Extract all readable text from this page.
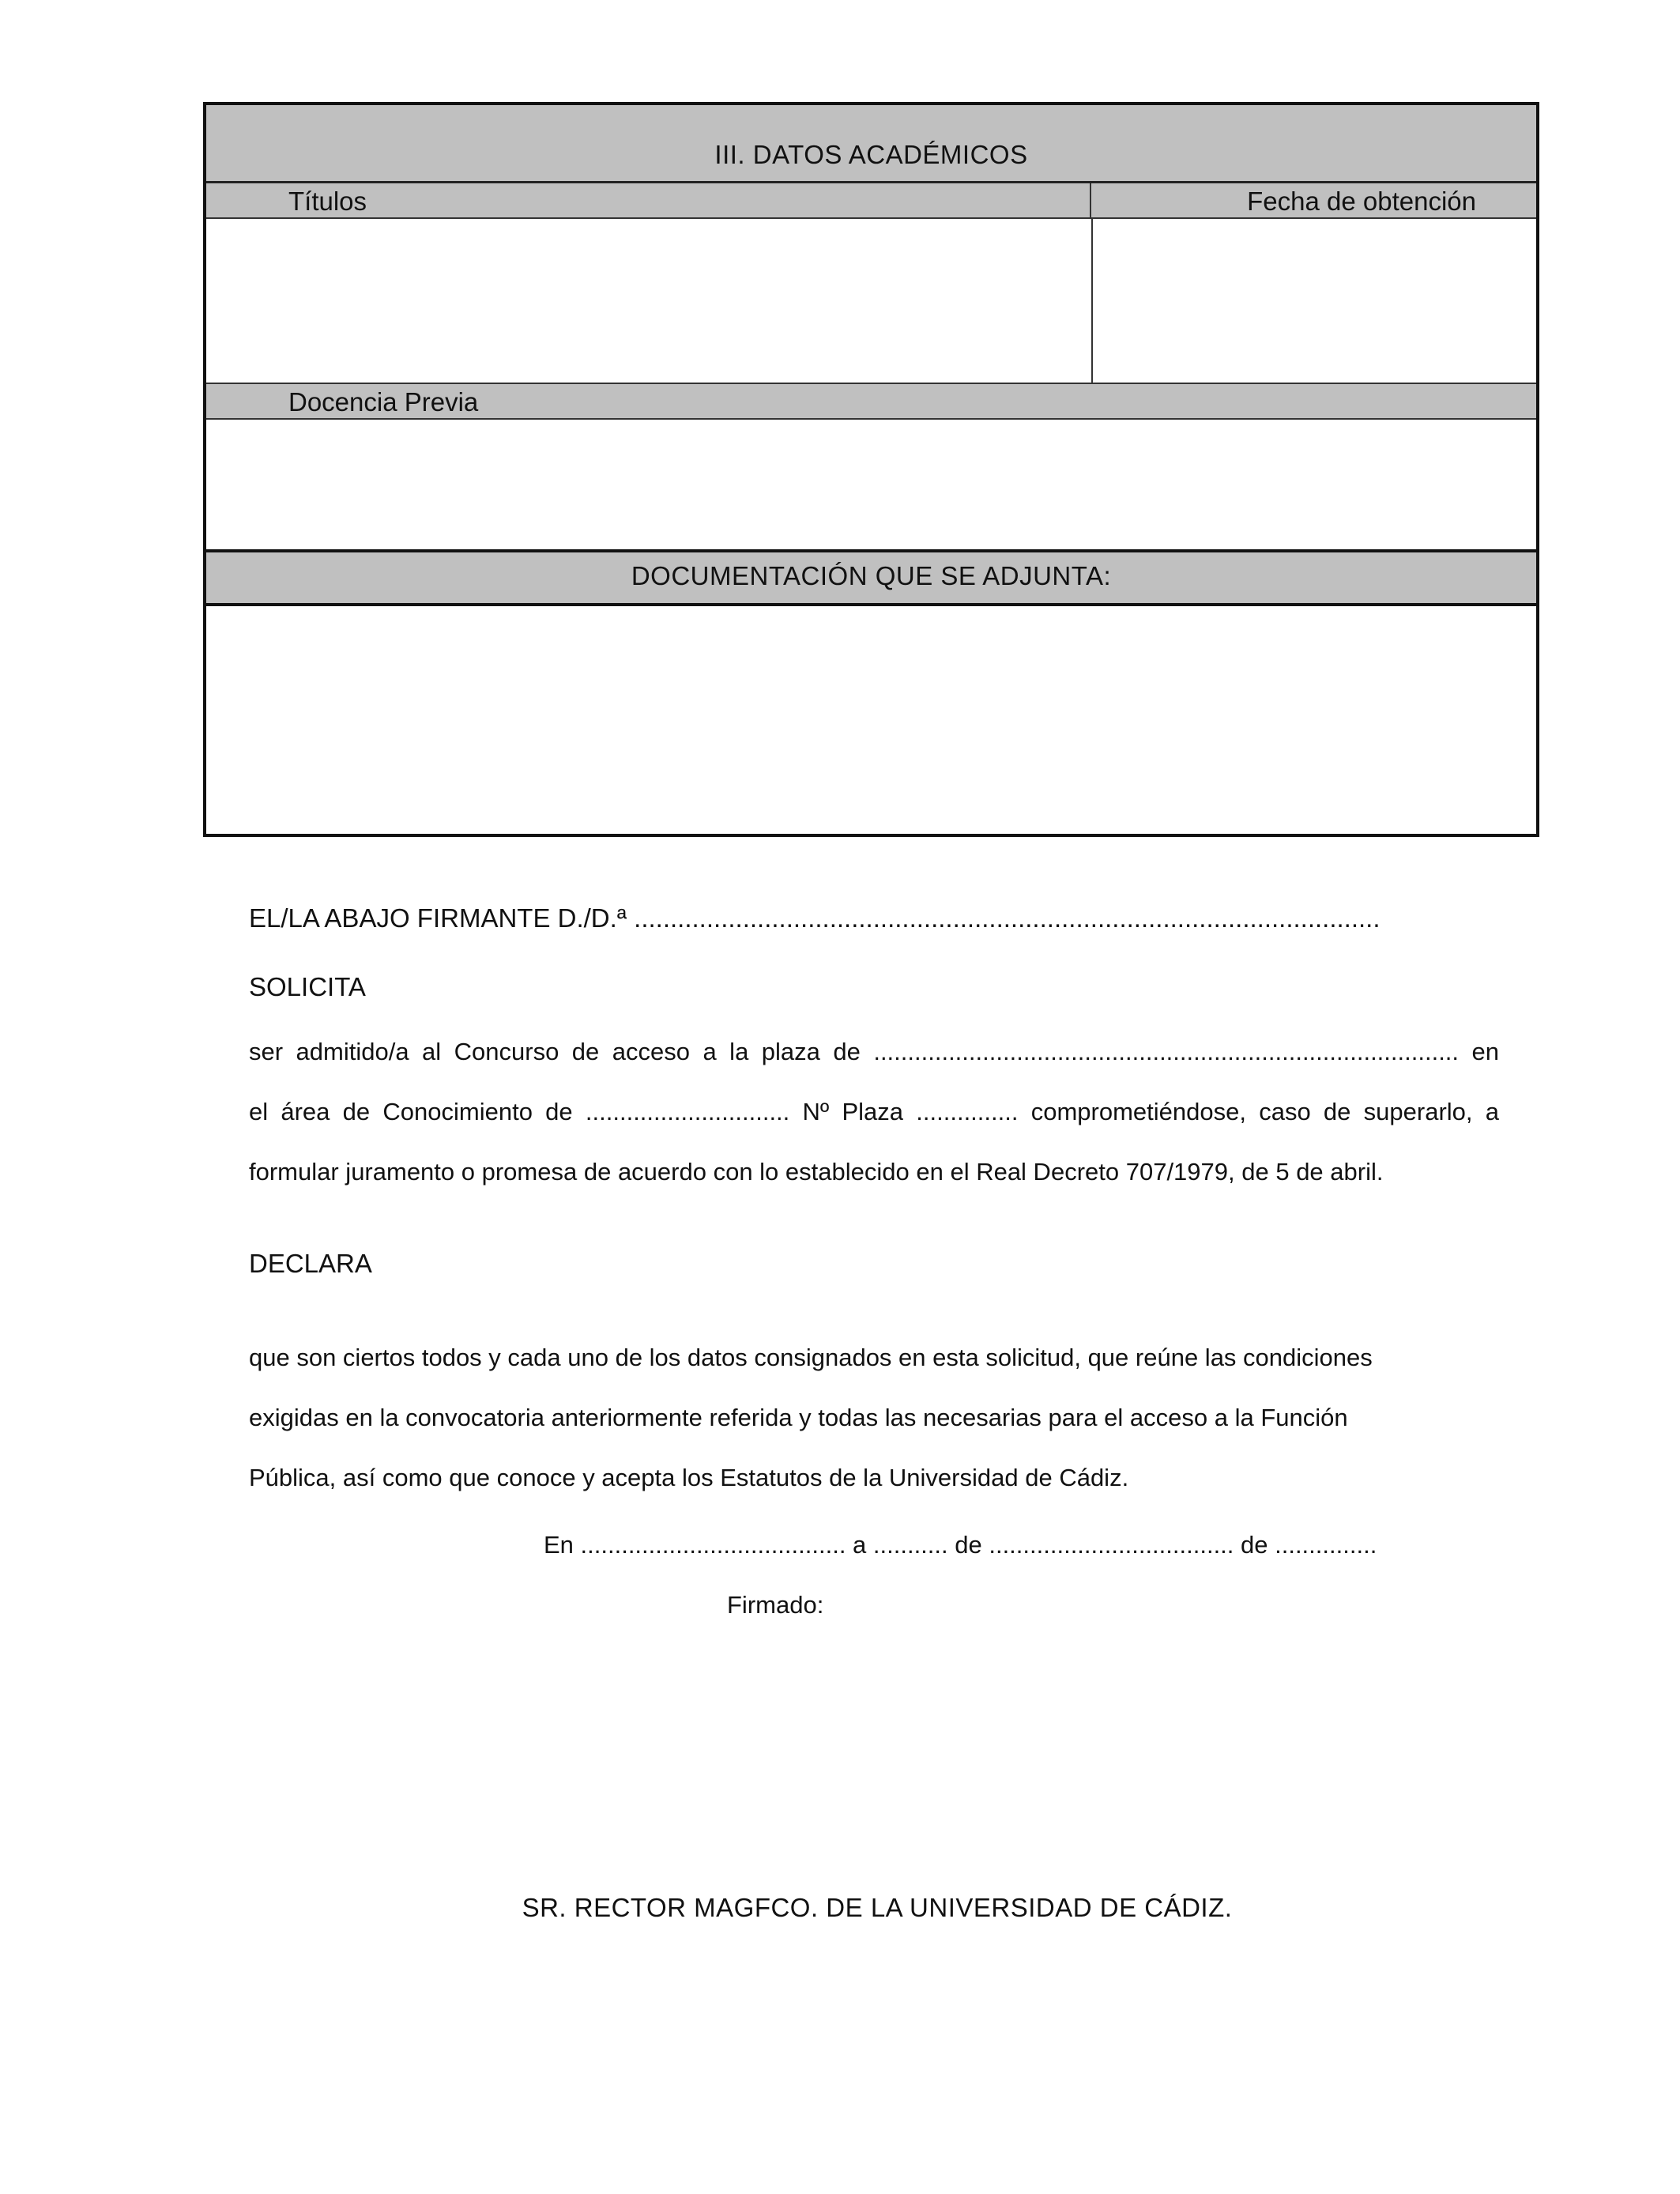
III. DATOS ACADÉMICOS
Títulos	Fecha de obtención
Docencia Previa
DOCUMENTACIÓN QUE SE ADJUNTA:
EL/LA ABAJO FIRMANTE D./D.ª .......................................................................................................
SOLICITA
ser admitido/a al Concurso de acceso a la plaza de ...................................................................................... en
el área de Conocimiento de .............................. Nº Plaza ............... comprometiéndose, caso de superarlo, a
formular juramento o promesa de acuerdo con lo establecido en el Real Decreto 707/1979, de 5 de abril.
DECLARA
que son ciertos todos y cada uno de los datos consignados en esta solicitud, que reúne las condiciones
exigidas en la convocatoria anteriormente referida y todas las necesarias para el acceso a la Función
Pública, así como que conoce y acepta los Estatutos de la Universidad de Cádiz.
En ....................................... a ........... de .................................... de ...............
Firmado:
SR. RECTOR MAGFCO. DE LA UNIVERSIDAD DE CÁDIZ.
